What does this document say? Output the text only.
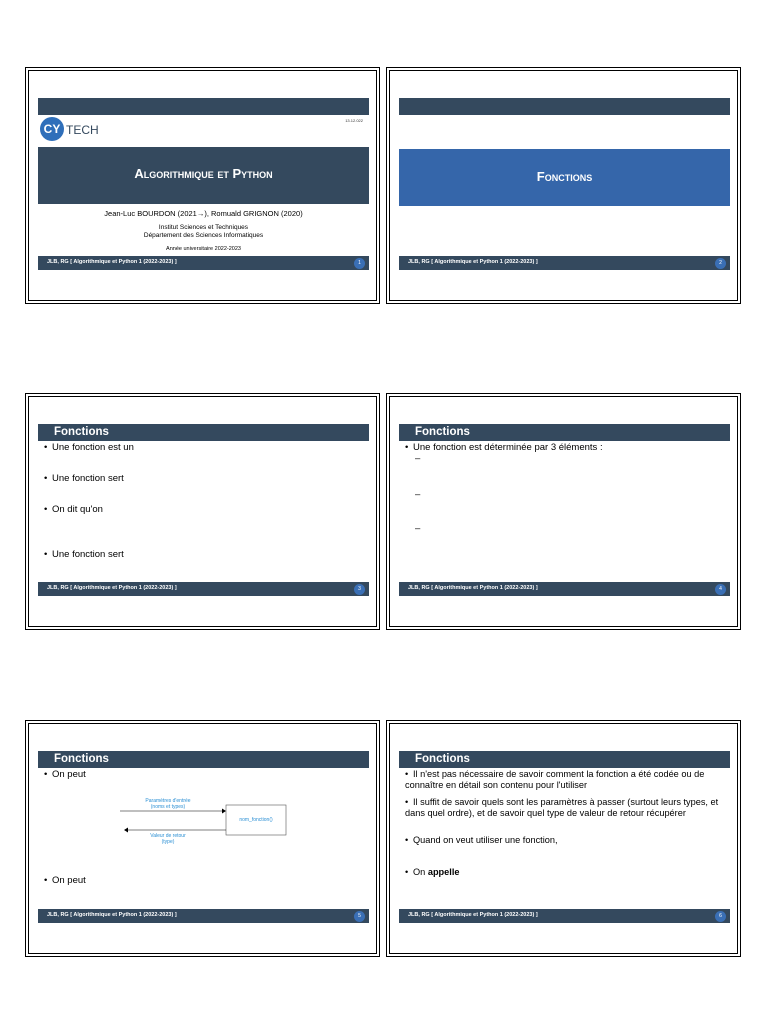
CY TECH
13.12.022
Algorithmique et Python
Jean-Luc BOURDON (2021→), Romuald GRIGNON (2020)
Institut Sciences et Techniques
Département des Sciences Informatiques
Année universitaire 2022-2023
JLB, RG [ Algorithmique et Python 1 (2022-2023) ]	1
Fonctions
JLB, RG [ Algorithmique et Python 1 (2022-2023) ]	2
Fonctions
• Une fonction est un
• Une fonction sert
• On dit qu'on
• Une fonction sert
JLB, RG [ Algorithmique et Python 1 (2022-2023) ]	3
Fonctions
• Une fonction est déterminée par 3 éléments :
–
–
–
JLB, RG [ Algorithmique et Python 1 (2022-2023) ]	4
Fonctions
• On peut
• On peut
Paramètres d'entrée
(noms et types)
nom_fonction()
Valeur de retour
(type)
JLB, RG [ Algorithmique et Python 1 (2022-2023) ]	5
Fonctions
• Il n'est pas nécessaire de savoir comment la fonction a été codée ou de connaître en détail son contenu pour l'utiliser
• Il suffit de savoir quels sont les paramètres à passer (surtout leurs types, et dans quel ordre), et de savoir quel type de valeur de retour récupérer
• Quand on veut utiliser une fonction,
• On appelle
JLB, RG [ Algorithmique et Python 1 (2022-2023) ]	6
